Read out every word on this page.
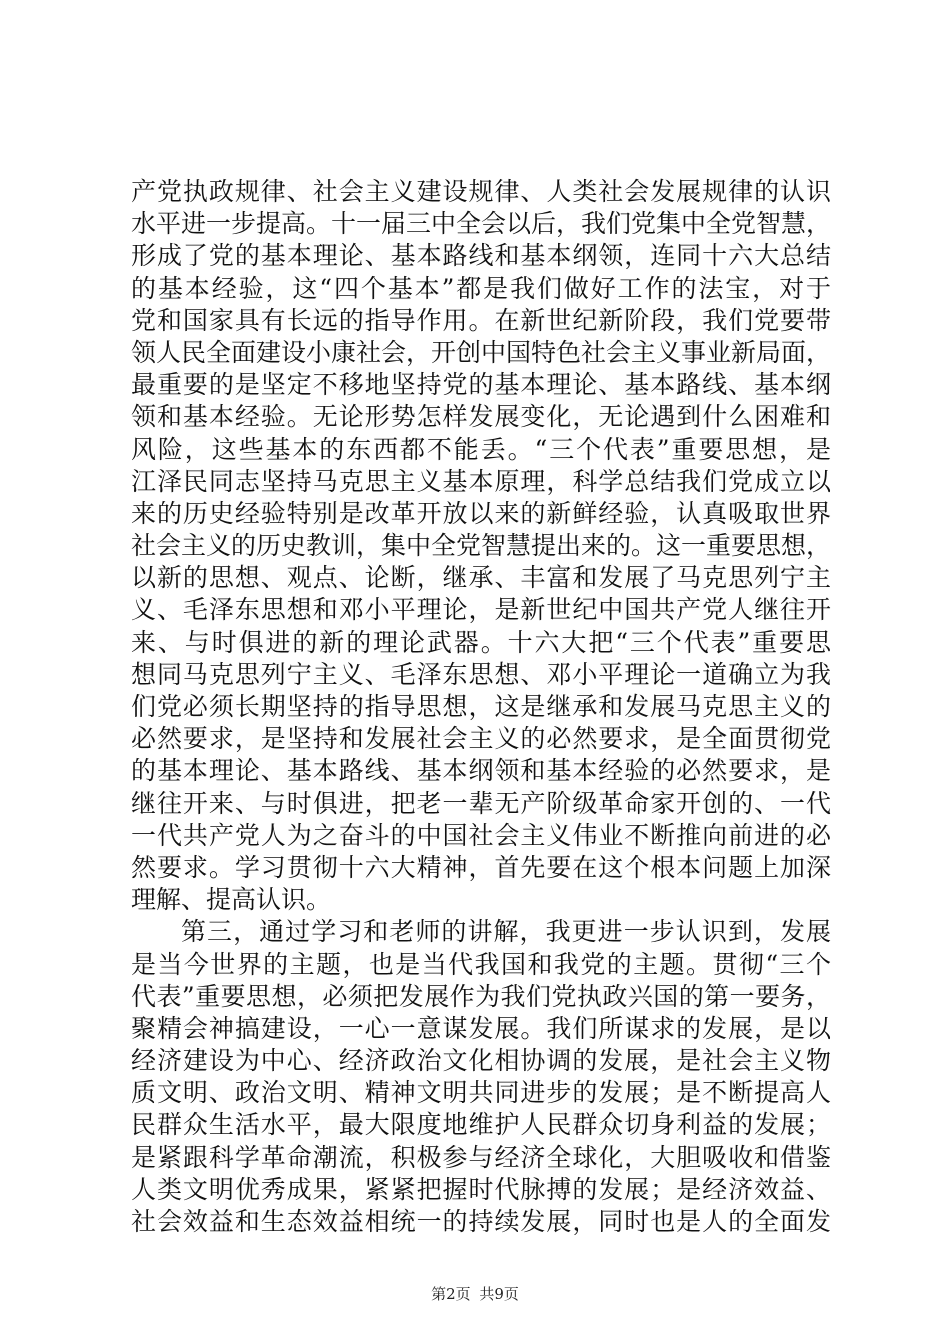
产党执政规律、社会主义建设规律、人类社会发展规律的认识
水平进一步提高。十一届三中全会以后，我们党集中全党智慧，
形成了党的基本理论、基本路线和基本纲领，连同十六大总结
的基本经验，这“四个基本”都是我们做好工作的法宝，对于
党和国家具有长远的指导作用。在新世纪新阶段，我们党要带
领人民全面建设小康社会，开创中国特色社会主义事业新局面，
最重要的是坚定不移地坚持党的基本理论、基本路线、基本纲
领和基本经验。无论形势怎样发展变化，无论遇到什么困难和
风险，这些基本的东西都不能丢。“三个代表”重要思想，是
江泽民同志坚持马克思主义基本原理，科学总结我们党成立以
来的历史经验特别是改革开放以来的新鲜经验，认真吸取世界
社会主义的历史教训，集中全党智慧提出来的。这一重要思想，
以新的思想、观点、论断，继承、丰富和发展了马克思列宁主
义、毛泽东思想和邓小平理论，是新世纪中国共产党人继往开
来、与时俱进的新的理论武器。十六大把“三个代表”重要思
想同马克思列宁主义、毛泽东思想、邓小平理论一道确立为我
们党必须长期坚持的指导思想，这是继承和发展马克思主义的
必然要求，是坚持和发展社会主义的必然要求，是全面贯彻党
的基本理论、基本路线、基本纲领和基本经验的必然要求，是
继往开来、与时俱进，把老一辈无产阶级革命家开创的、一代
一代共产党人为之奋斗的中国社会主义伟业不断推向前进的必
然要求。学习贯彻十六大精神，首先要在这个根本问题上加深
理解、提高认识。
第三，通过学习和老师的讲解，我更进一步认识到，发展
是当今世界的主题，也是当代我国和我党的主题。贯彻“三个
代表”重要思想，必须把发展作为我们党执政兴国的第一要务，
聚精会神搞建设，一心一意谋发展。我们所谋求的发展，是以
经济建设为中心、经济政治文化相协调的发展，是社会主义物
质文明、政治文明、精神文明共同进步的发展；是不断提高人
民群众生活水平，最大限度地维护人民群众切身利益的发展；
是紧跟科学革命潮流，积极参与经济全球化，大胆吸收和借鉴
人类文明优秀成果，紧紧把握时代脉搏的发展；是经济效益、
社会效益和生态效益相统一的持续发展，同时也是人的全面发
第2页 共9页
